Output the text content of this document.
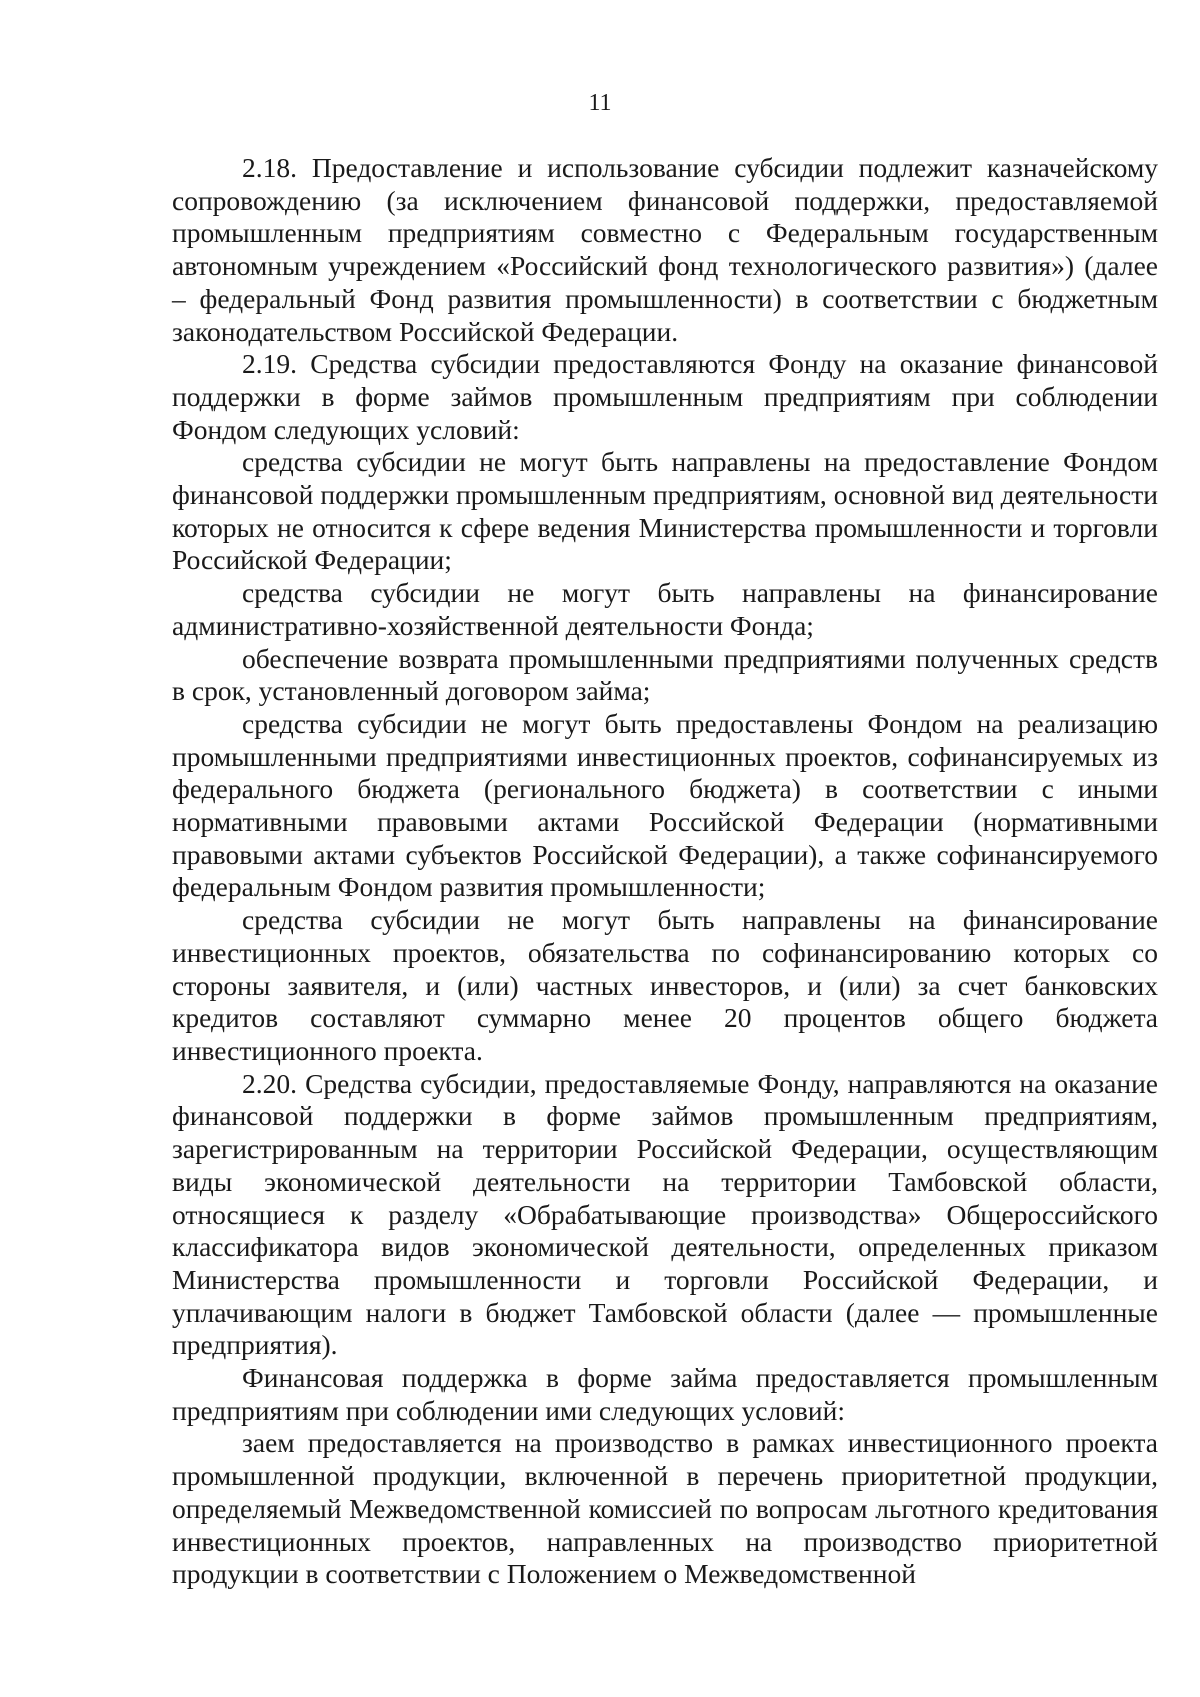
11

2.18. Предоставление и использование субсидии подлежит казначейскому сопровождению (за исключением финансовой поддержки, предоставляемой промышленным предприятиям совместно с Федеральным государственным автономным учреждением «Российский фонд технологического развития») (далее – федеральный Фонд развития промышленности) в соответствии с бюджетным законодательством Российской Федерации.

2.19. Средства субсидии предоставляются Фонду на оказание финансовой поддержки в форме займов промышленным предприятиям при соблюдении Фондом следующих условий:

средства субсидии не могут быть направлены на предоставление Фондом финансовой поддержки промышленным предприятиям, основной вид деятельности которых не относится к сфере ведения Министерства промышленности и торговли Российской Федерации;

средства субсидии не могут быть направлены на финансирование административно-хозяйственной деятельности Фонда;

обеспечение возврата промышленными предприятиями полученных средств в срок, установленный договором займа;

средства субсидии не могут быть предоставлены Фондом на реализацию промышленными предприятиями инвестиционных проектов, софинансируемых из федерального бюджета (регионального бюджета) в соответствии с иными нормативными правовыми актами Российской Федерации (нормативными правовыми актами субъектов Российской Федерации), а также софинансируемого федеральным Фондом развития промышленности;

средства субсидии не могут быть направлены на финансирование инвестиционных проектов, обязательства по софинансированию которых со стороны заявителя, и (или) частных инвесторов, и (или) за счет банковских кредитов составляют суммарно менее 20 процентов общего бюджета инвестиционного проекта.

2.20. Средства субсидии, предоставляемые Фонду, направляются на оказание финансовой поддержки в форме займов промышленным предприятиям, зарегистрированным на территории Российской Федерации, осуществляющим виды экономической деятельности на территории Тамбовской области, относящиеся к разделу «Обрабатывающие производства» Общероссийского классификатора видов экономической деятельности, определенных приказом Министерства промышленности и торговли Российской Федерации, и уплачивающим налоги в бюджет Тамбовской области (далее — промышленные предприятия).

Финансовая поддержка в форме займа предоставляется промышленным предприятиям при соблюдении ими следующих условий:

заем предоставляется на производство в рамках инвестиционного проекта промышленной продукции, включенной в перечень приоритетной продукции, определяемый Межведомственной комиссией по вопросам льготного кредитования инвестиционных проектов, направленных на производство приоритетной продукции в соответствии с Положением о Межведомственной
